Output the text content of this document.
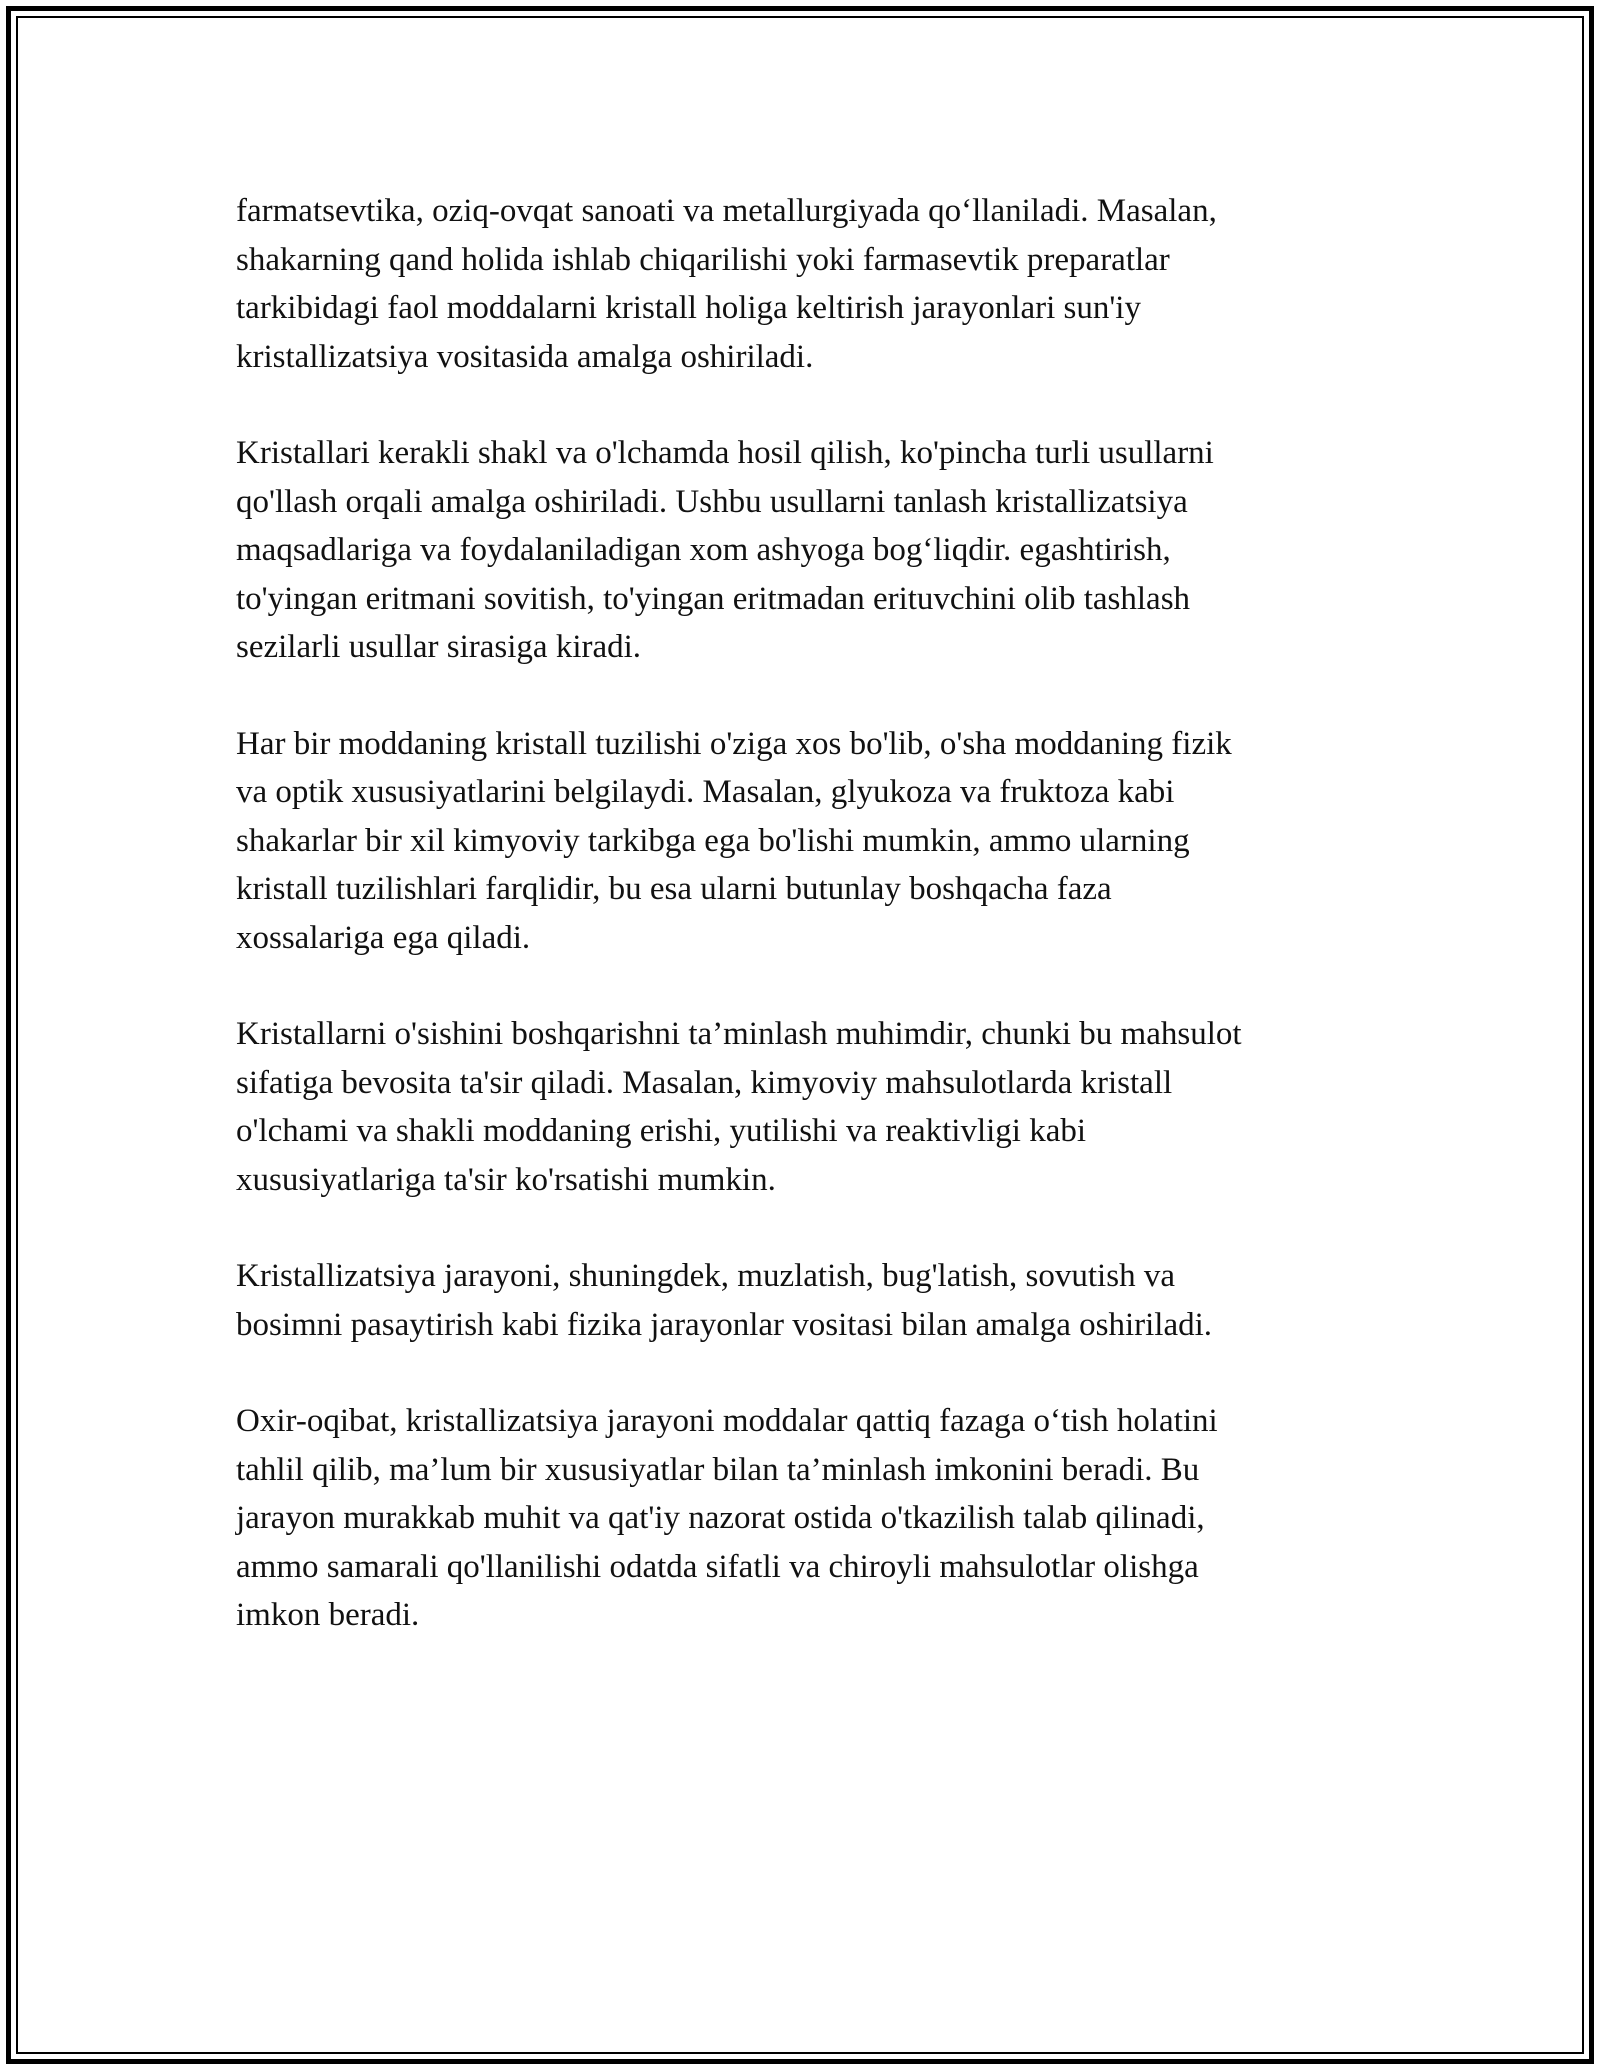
farmatsevtika, oziq-ovqat sanoati va metallurgiyada qo‘llaniladi. Masalan,
shakarning qand holida ishlab chiqarilishi yoki farmasevtik preparatlar
tarkibidagi faol moddalarni kristall holiga keltirish jarayonlari sun'iy
kristallizatsiya vositasida amalga oshiriladi.

Kristallari kerakli shakl va o'lchamda hosil qilish, ko'pincha turli usullarni
qo'llash orqali amalga oshiriladi. Ushbu usullarni tanlash kristallizatsiya
maqsadlariga va foydalaniladigan xom ashyoga bog‘liqdir. egashtirish,
to'yingan eritmani sovitish, to'yingan eritmadan erituvchini olib tashlash
sezilarli usullar sirasiga kiradi.

Har bir moddaning kristall tuzilishi o'ziga xos bo'lib, o'sha moddaning fizik
va optik xususiyatlarini belgilaydi. Masalan, glyukoza va fruktoza kabi
shakarlar bir xil kimyoviy tarkibga ega bo'lishi mumkin, ammo ularning
kristall tuzilishlari farqlidir, bu esa ularni butunlay boshqacha faza
xossalariga ega qiladi.

Kristallarni o'sishini boshqarishni ta’minlash muhimdir, chunki bu mahsulot
sifatiga bevosita ta'sir qiladi. Masalan, kimyoviy mahsulotlarda kristall
o'lchami va shakli moddaning erishi, yutilishi va reaktivligi kabi
xususiyatlariga ta'sir ko'rsatishi mumkin.

Kristallizatsiya jarayoni, shuningdek, muzlatish, bug'latish, sovutish va
bosimni pasaytirish kabi fizika jarayonlar vositasi bilan amalga oshiriladi.

Oxir-oqibat, kristallizatsiya jarayoni moddalar qattiq fazaga o‘tish holatini
tahlil qilib, ma’lum bir xususiyatlar bilan ta’minlash imkonini beradi. Bu
jarayon murakkab muhit va qat'iy nazorat ostida o'tkazilish talab qilinadi,
ammo samarali qo'llanilishi odatda sifatli va chiroyli mahsulotlar olishga
imkon beradi.
